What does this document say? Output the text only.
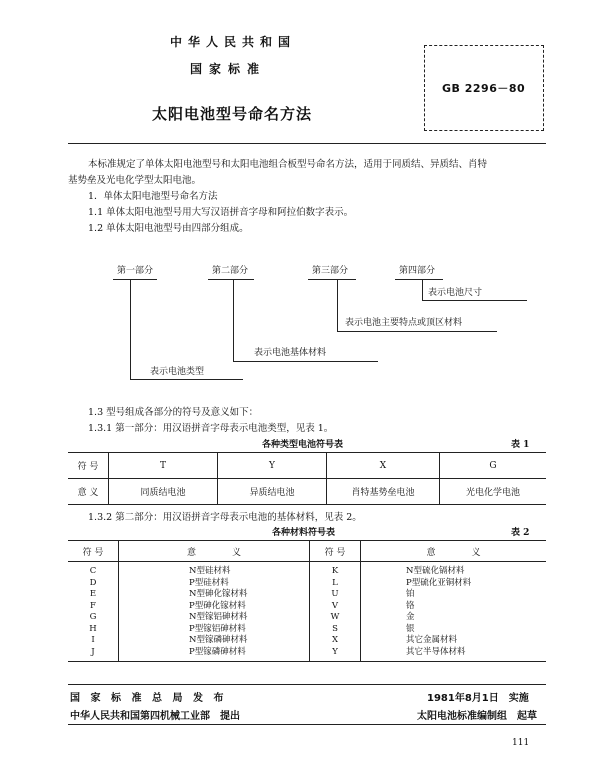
中华人民共和国
国家标准
GB 2296－80
太阳电池型号命名方法
本标准规定了单体太阳电池型号和太阳电池组合板型号命名方法，适用于同质结、异质结、肖特
基势垒及光电化学型太阳电池。
1．单体太阳电池型号命名方法
1.1 单体太阳电池型号用大写汉语拼音字母和阿拉伯数字表示。
1.2 单体太阳电池型号由四部分组成。
第一部分	第二部分	第三部分	第四部分
表示电池尺寸
表示电池主要特点或顶区材料
表示电池基体材料
表示电池类型
1.3 型号组成各部分的符号及意义如下：
1.3.1 第一部分：用汉语拼音字母表示电池类型，见表 1。
各种类型电池符号表	表 1
符 号	T	Y	X	G
意 义	同质结电池	异质结电池	肖特基势垒电池	光电化学电池
1.3.2 第二部分：用汉语拼音字母表示电池的基体材料，见表 2。
各种材料符号表	表 2
符 号	意　　　　义	符 号	意　　　　义
C	N型硅材料	K	N型硫化镉材料
D	P型硅材料	L	P型硫化亚铜材料
E	N型砷化镓材料	U	铂
F	P型砷化镓材料	V	铬
G	N型镓铝砷材料	W	金
H	P型镓铝砷材料	S	银
I	N型镓磷砷材料	X	其它金属材料
J	P型镓磷砷材料	Y	其它半导体材料
国家标准总局发布
中华人民共和国第四机械工业部　提出
1981年8月1日　实施
太阳电池标准编制组　起草
111
